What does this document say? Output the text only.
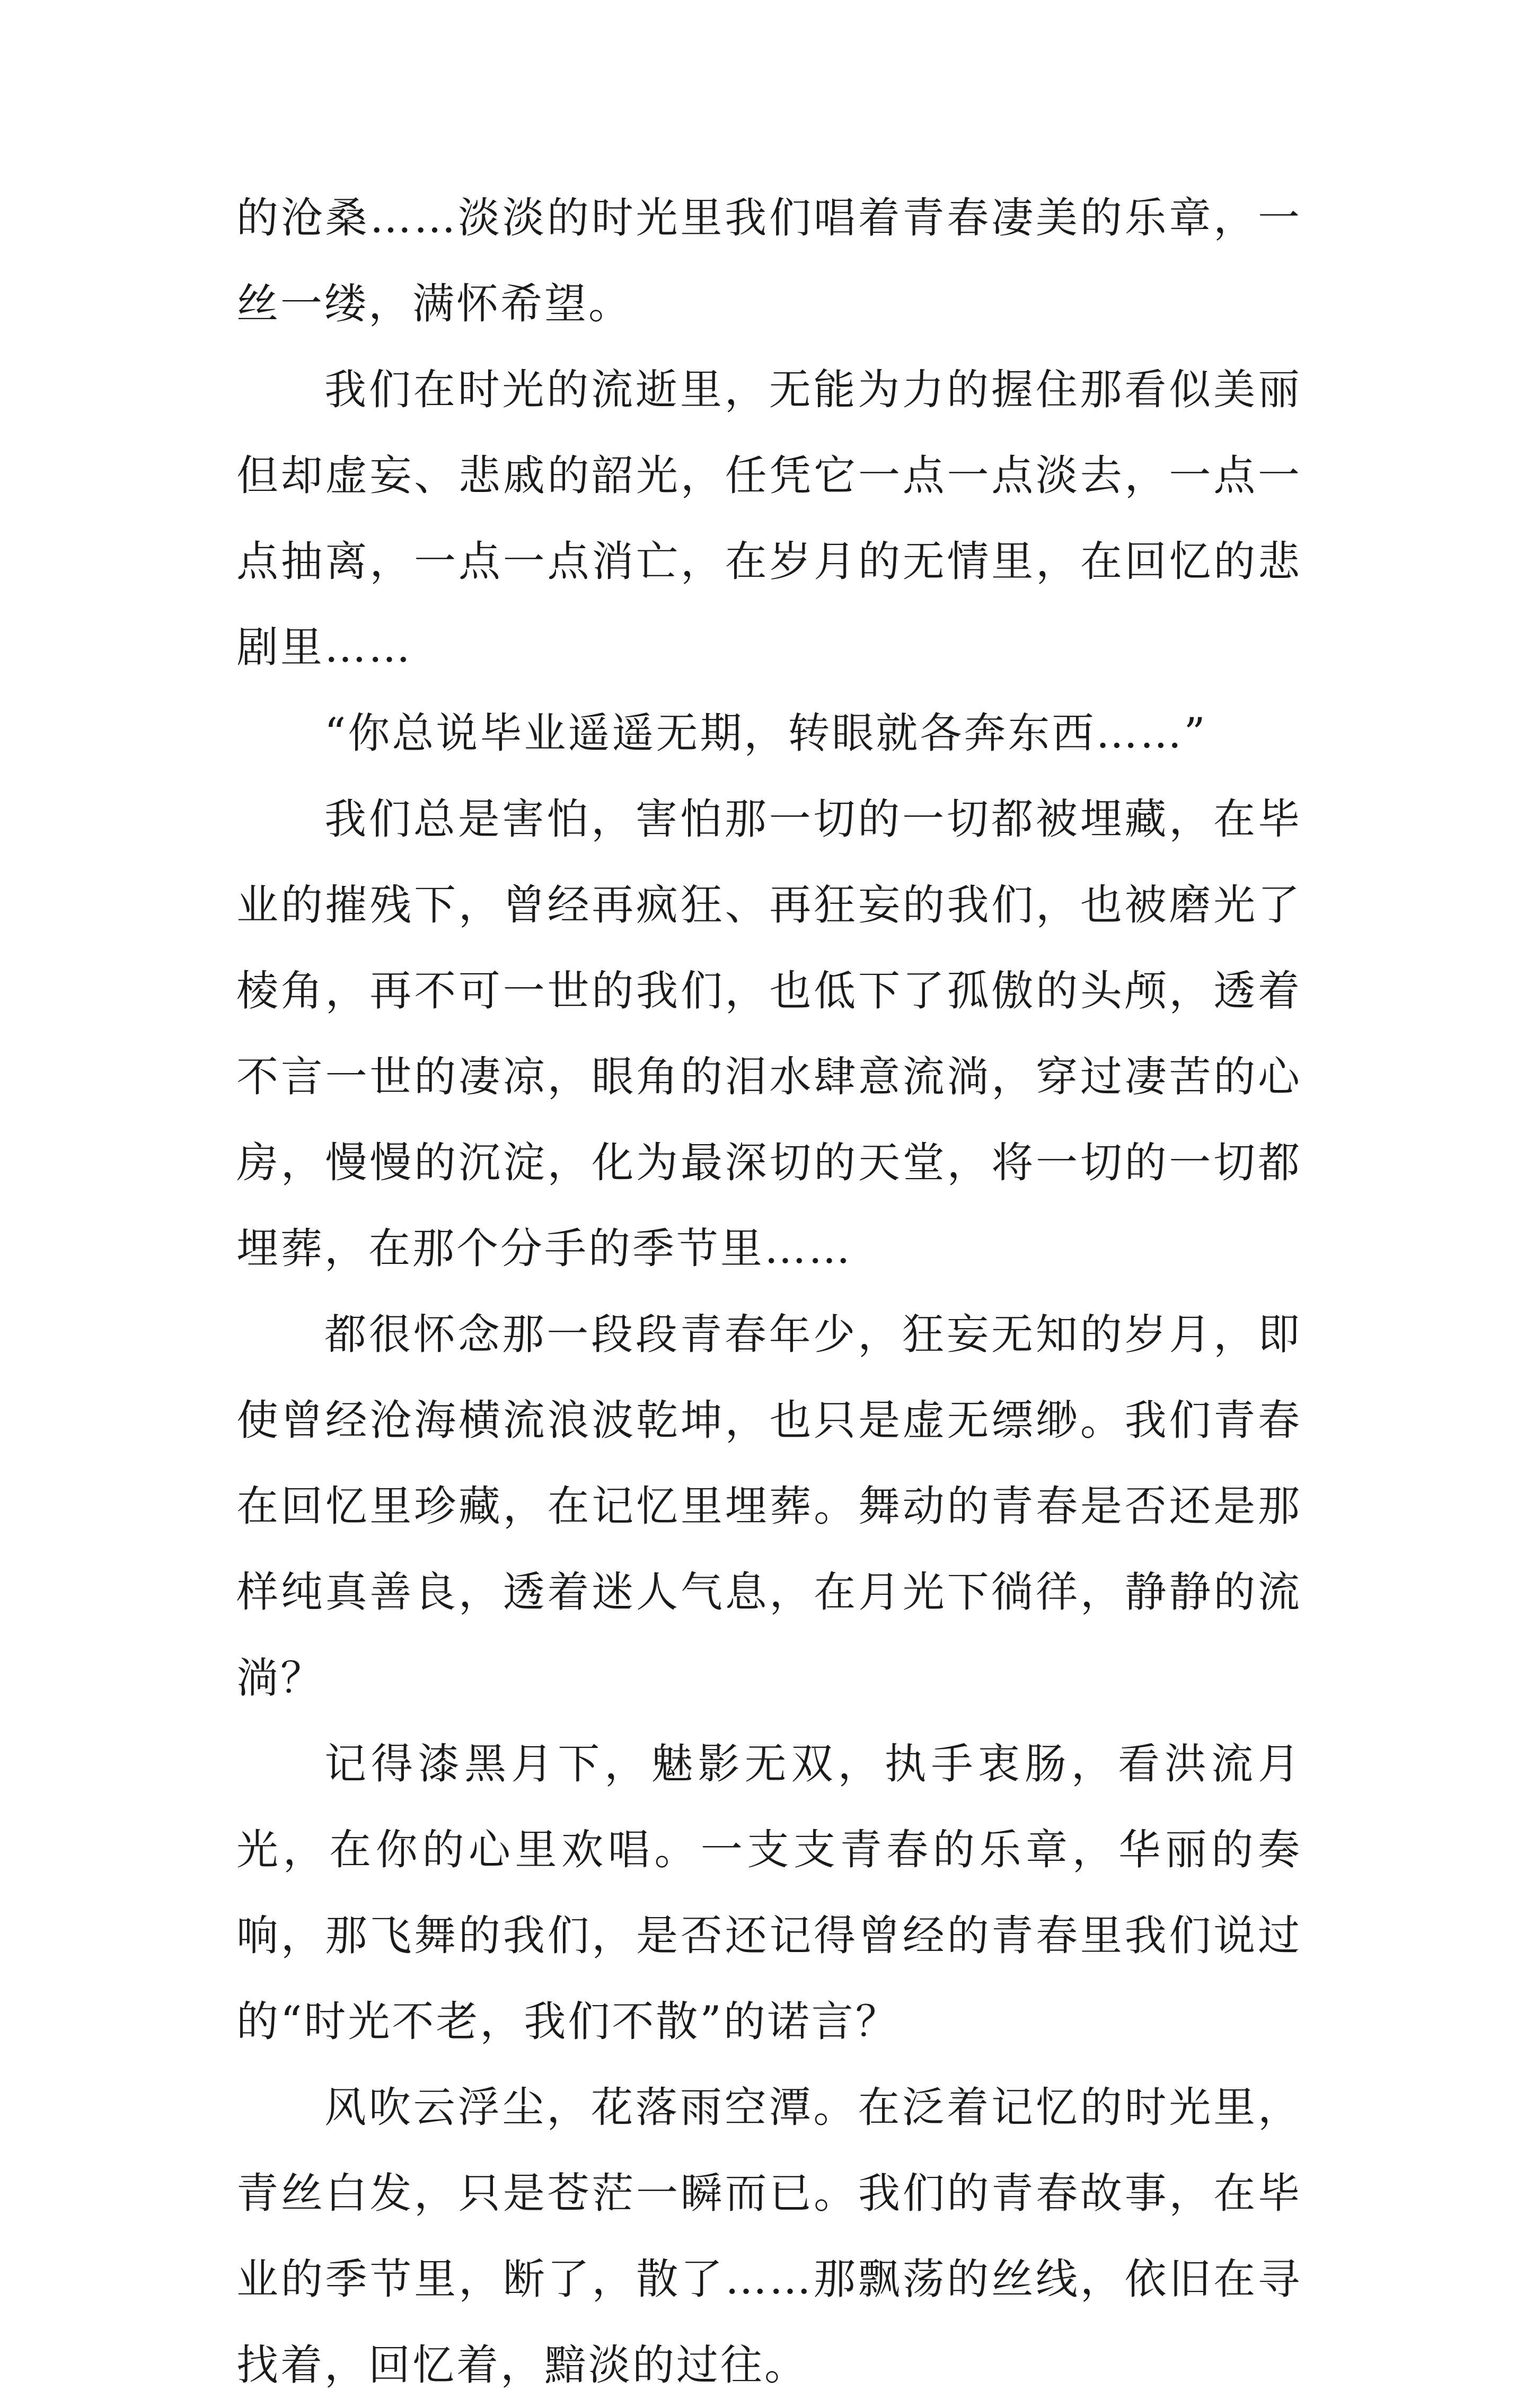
的沧桑……淡淡的时光里我们唱着青春凄美的乐章，一丝一缕，满怀希望。

我们在时光的流逝里，无能为力的握住那看似美丽但却虚妄、悲戚的韶光，任凭它一点一点淡去，一点一点抽离，一点一点消亡，在岁月的无情里，在回忆的悲剧里……

“你总说毕业遥遥无期，转眼就各奔东西……”

我们总是害怕，害怕那一切的一切都被埋藏，在毕业的摧残下，曾经再疯狂、再狂妄的我们，也被磨光了棱角，再不可一世的我们，也低下了孤傲的头颅，透着不言一世的凄凉，眼角的泪水肆意流淌，穿过凄苦的心房，慢慢的沉淀，化为最深切的天堂，将一切的一切都埋葬，在那个分手的季节里……

都很怀念那一段段青春年少，狂妄无知的岁月，即使曾经沧海横流浪波乾坤，也只是虚无缥缈。我们青春在回忆里珍藏，在记忆里埋葬。舞动的青春是否还是那样纯真善良，透着迷人气息，在月光下徜徉，静静的流淌？

记得漆黑月下，魅影无双，执手衷肠，看洪流月光，在你的心里欢唱。一支支青春的乐章，华丽的奏响，那飞舞的我们，是否还记得曾经的青春里我们说过的“时光不老，我们不散”的诺言？

风吹云浮尘，花落雨空潭。在泛着记忆的时光里，青丝白发，只是苍茫一瞬而已。我们的青春故事，在毕业的季节里，断了，散了……那飘荡的丝线，依旧在寻找着，回忆着，黯淡的过往。
